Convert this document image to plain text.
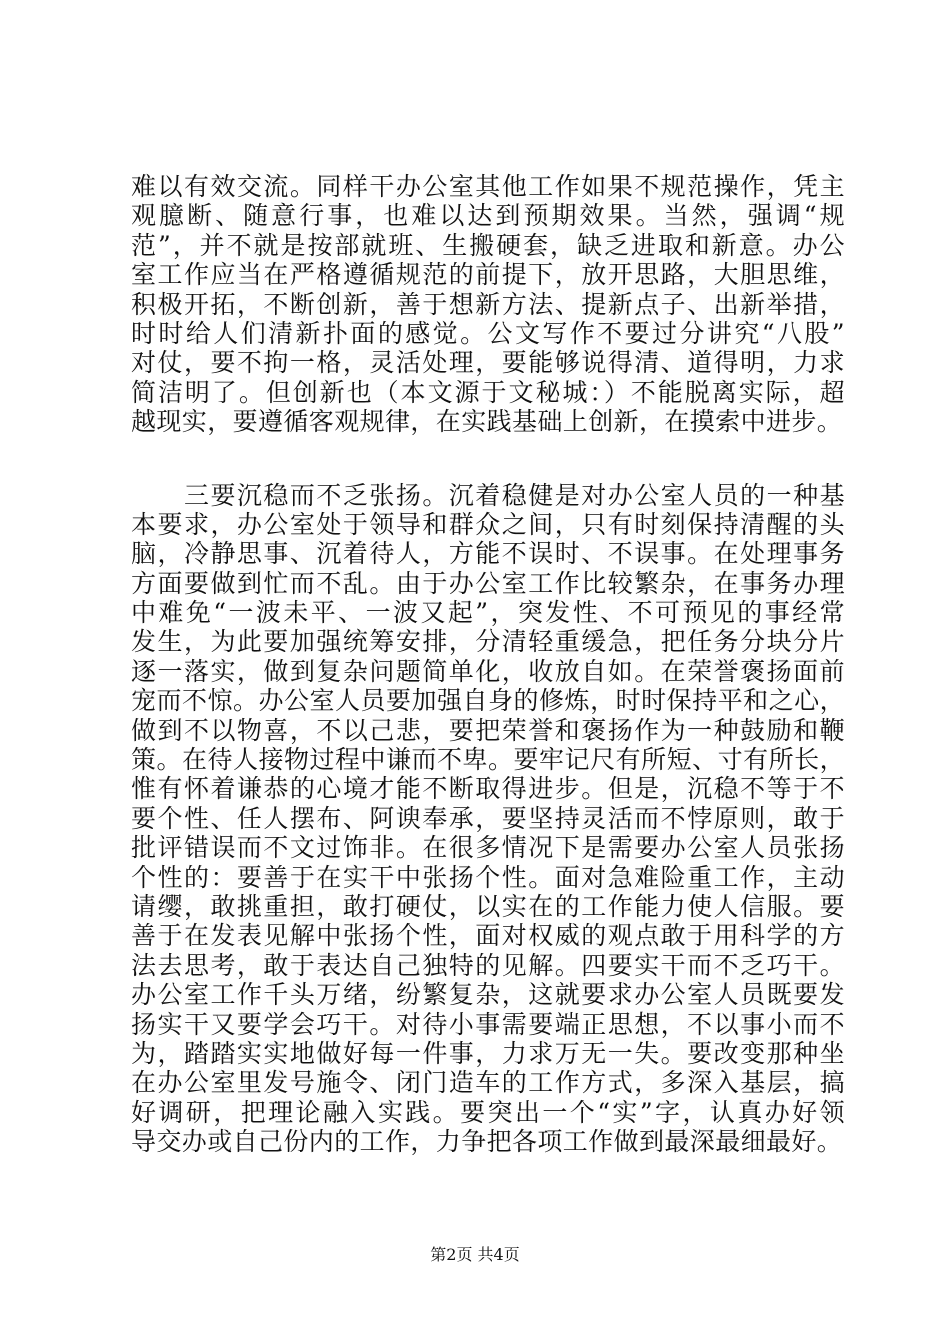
难以有效交流。同样干办公室其他工作如果不规范操作，凭主
观臆断、随意行事，也难以达到预期效果。当然，强调“规
范”，并不就是按部就班、生搬硬套，缺乏进取和新意。办公
室工作应当在严格遵循规范的前提下，放开思路，大胆思维，
积极开拓，不断创新，善于想新方法、提新点子、出新举措，
时时给人们清新扑面的感觉。公文写作不要过分讲究“八股”
对仗，要不拘一格，灵活处理，要能够说得清、道得明，力求
简洁明了。但创新也（本文源于文秘城：）不能脱离实际，超
越现实，要遵循客观规律，在实践基础上创新，在摸索中进步。
　　三要沉稳而不乏张扬。沉着稳健是对办公室人员的一种基
本要求，办公室处于领导和群众之间，只有时刻保持清醒的头
脑，冷静思事、沉着待人，方能不误时、不误事。在处理事务
方面要做到忙而不乱。由于办公室工作比较繁杂，在事务办理
中难免“一波未平、一波又起”，突发性、不可预见的事经常
发生，为此要加强统筹安排，分清轻重缓急，把任务分块分片
逐一落实，做到复杂问题简单化，收放自如。在荣誉褒扬面前
宠而不惊。办公室人员要加强自身的修炼，时时保持平和之心，
做到不以物喜，不以己悲，要把荣誉和褒扬作为一种鼓励和鞭
策。在待人接物过程中谦而不卑。要牢记尺有所短、寸有所长，
惟有怀着谦恭的心境才能不断取得进步。但是，沉稳不等于不
要个性、任人摆布、阿谀奉承，要坚持灵活而不悖原则，敢于
批评错误而不文过饰非。在很多情况下是需要办公室人员张扬
个性的：要善于在实干中张扬个性。面对急难险重工作，主动
请缨，敢挑重担，敢打硬仗，以实在的工作能力使人信服。要
善于在发表见解中张扬个性，面对权威的观点敢于用科学的方
法去思考，敢于表达自己独特的见解。四要实干而不乏巧干。
办公室工作千头万绪，纷繁复杂，这就要求办公室人员既要发
扬实干又要学会巧干。对待小事需要端正思想，不以事小而不
为，踏踏实实地做好每一件事，力求万无一失。要改变那种坐
在办公室里发号施令、闭门造车的工作方式，多深入基层，搞
好调研，把理论融入实践。要突出一个“实”字，认真办好领
导交办或自己份内的工作，力争把各项工作做到最深最细最好。
第2页 共4页
